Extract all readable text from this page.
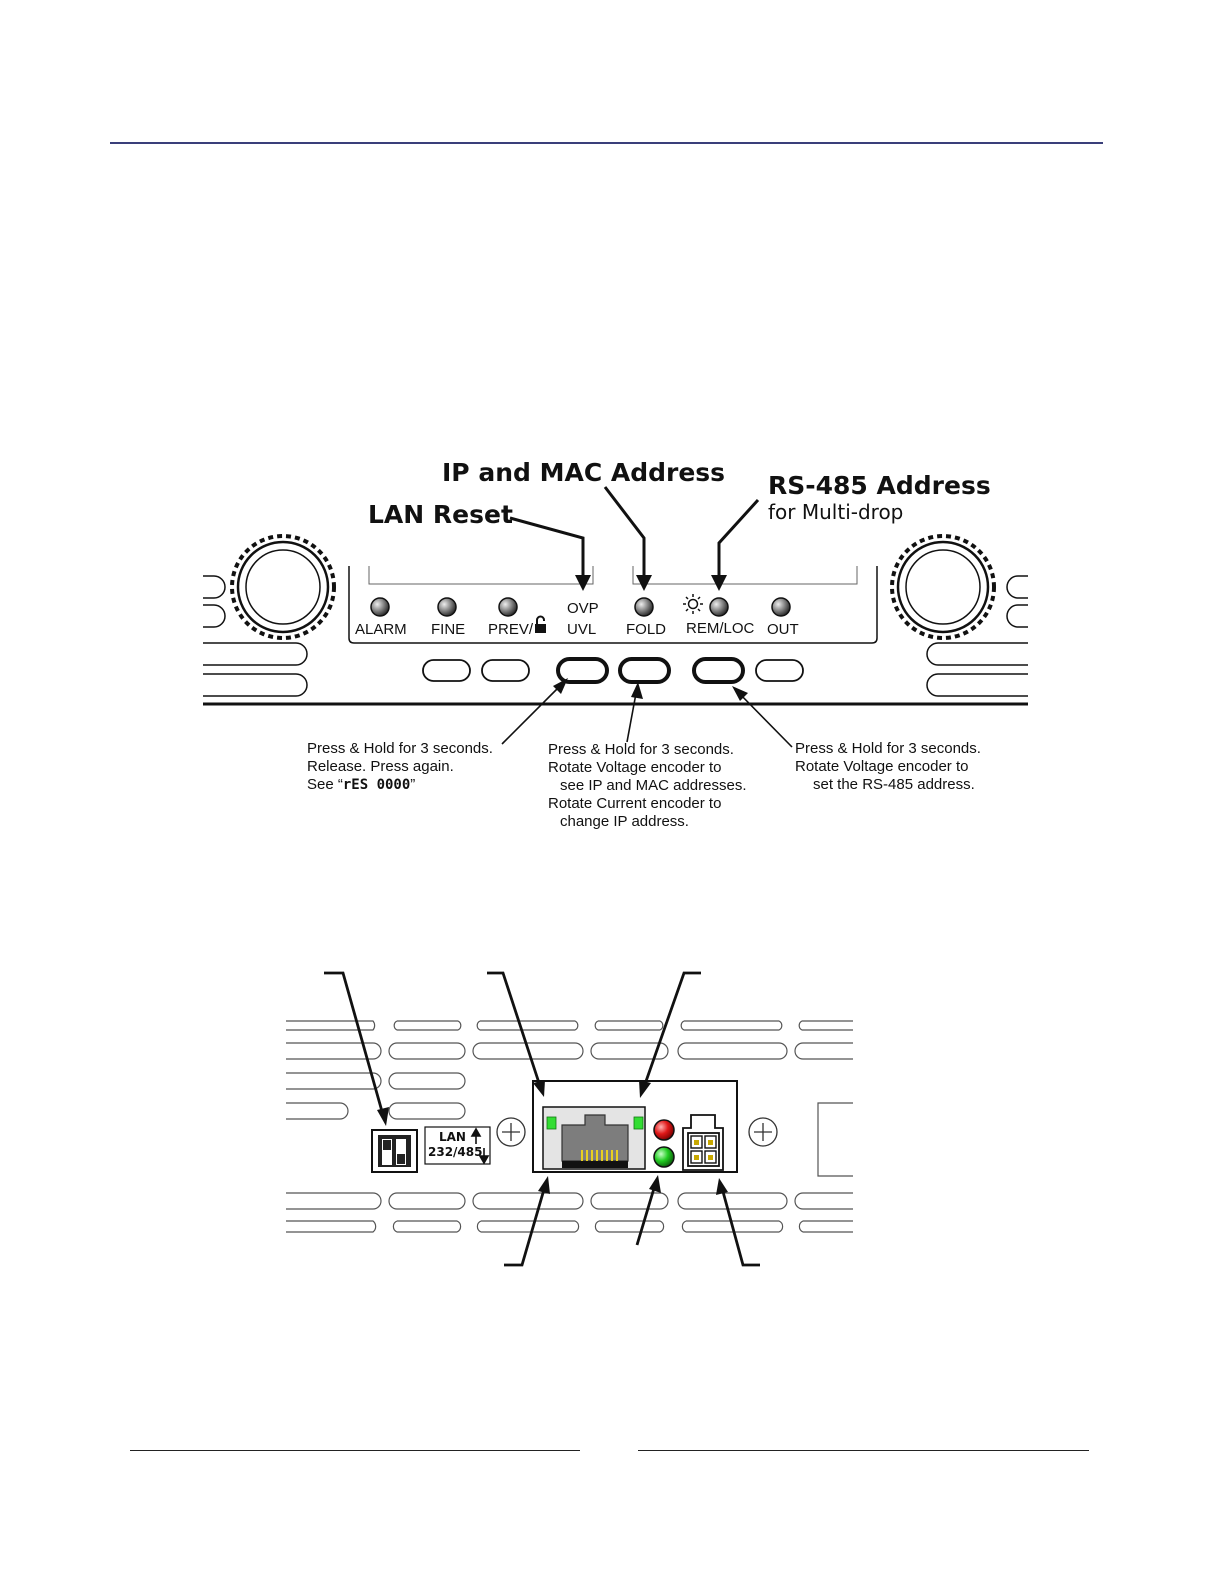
IP and MAC Address
LAN Reset
RS-485 Address
for Multi-drop
ALARM FINE PREV/
OVP
UVL FOLD REM/LOC OUT
Press & Hold for 3 seconds.
Release. Press again.
See “rES 0000”
Press & Hold for 3 seconds.
Rotate Voltage encoder to
see IP and MAC addresses.
Rotate Current encoder to
change IP address.
Press & Hold for 3 seconds.
Rotate Voltage encoder to
set the RS-485 address.
LAN
232/485
